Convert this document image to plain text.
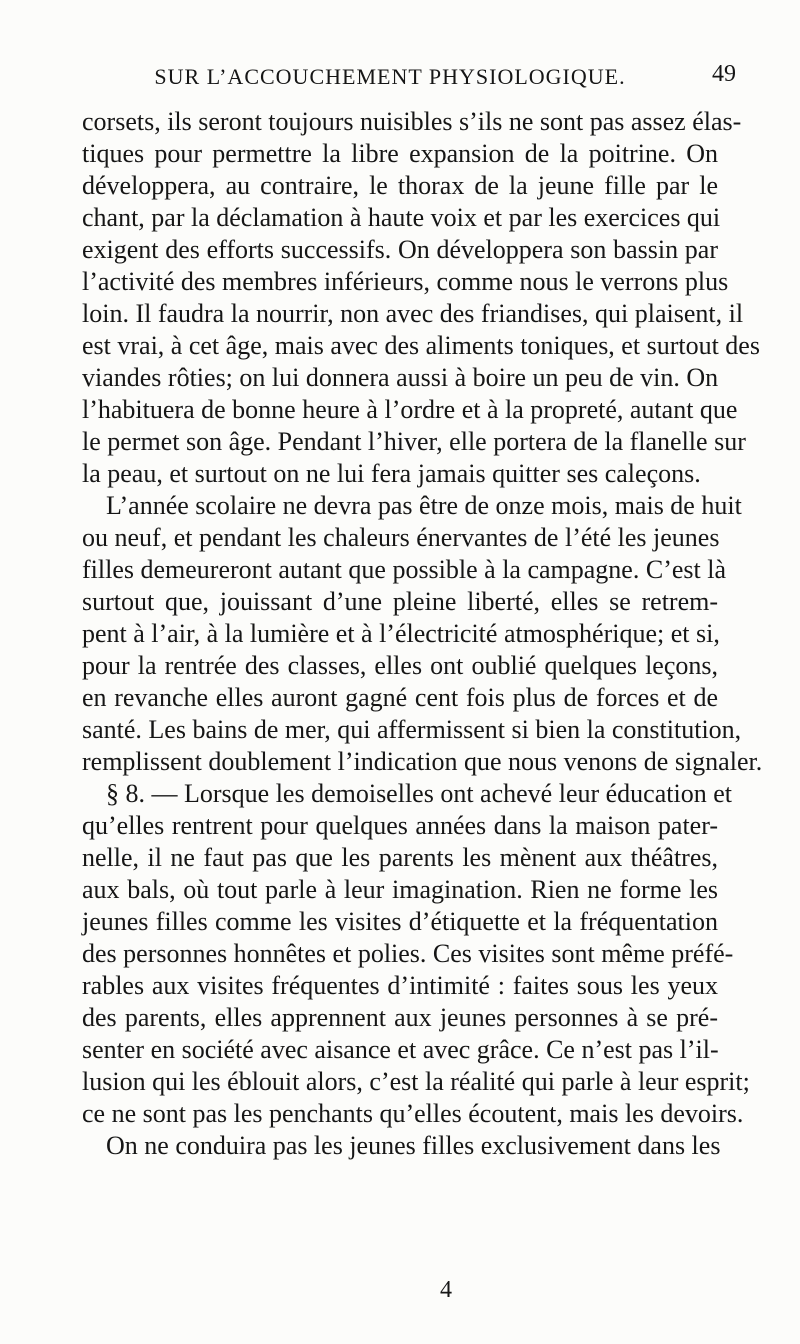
SUR L’ACCOUCHEMENT PHYSIOLOGIQUE.	49
corsets, ils seront toujours nuisibles s’ils ne sont pas assez élas-
tiques pour permettre la libre expansion de la poitrine. On
développera, au contraire, le thorax de la jeune fille par le
chant, par la déclamation à haute voix et par les exercices qui
exigent des efforts successifs. On développera son bassin par
l’activité des membres inférieurs, comme nous le verrons plus
loin. Il faudra la nourrir, non avec des friandises, qui plaisent, il
est vrai, à cet âge, mais avec des aliments toniques, et surtout des
viandes rôties; on lui donnera aussi à boire un peu de vin. On
l’habituera de bonne heure à l’ordre et à la propreté, autant que
le permet son âge. Pendant l’hiver, elle portera de la flanelle sur
la peau, et surtout on ne lui fera jamais quitter ses caleçons.
L’année scolaire ne devra pas être de onze mois, mais de huit
ou neuf, et pendant les chaleurs énervantes de l’été les jeunes
filles demeureront autant que possible à la campagne. C’est là
surtout que, jouissant d’une pleine liberté, elles se retrem-
pent à l’air, à la lumière et à l’électricité atmosphérique; et si,
pour la rentrée des classes, elles ont oublié quelques leçons,
en revanche elles auront gagné cent fois plus de forces et de
santé. Les bains de mer, qui affermissent si bien la constitution,
remplissent doublement l’indication que nous venons de signaler.
§ 8. — Lorsque les demoiselles ont achevé leur éducation et
qu’elles rentrent pour quelques années dans la maison pater-
nelle, il ne faut pas que les parents les mènent aux théâtres,
aux bals, où tout parle à leur imagination. Rien ne forme les
jeunes filles comme les visites d’étiquette et la fréquentation
des personnes honnêtes et polies. Ces visites sont même préfé-
rables aux visites fréquentes d’intimité : faites sous les yeux
des parents, elles apprennent aux jeunes personnes à se pré-
senter en société avec aisance et avec grâce. Ce n’est pas l’il-
lusion qui les éblouit alors, c’est la réalité qui parle à leur esprit;
ce ne sont pas les penchants qu’elles écoutent, mais les devoirs.
On ne conduira pas les jeunes filles exclusivement dans les
4
